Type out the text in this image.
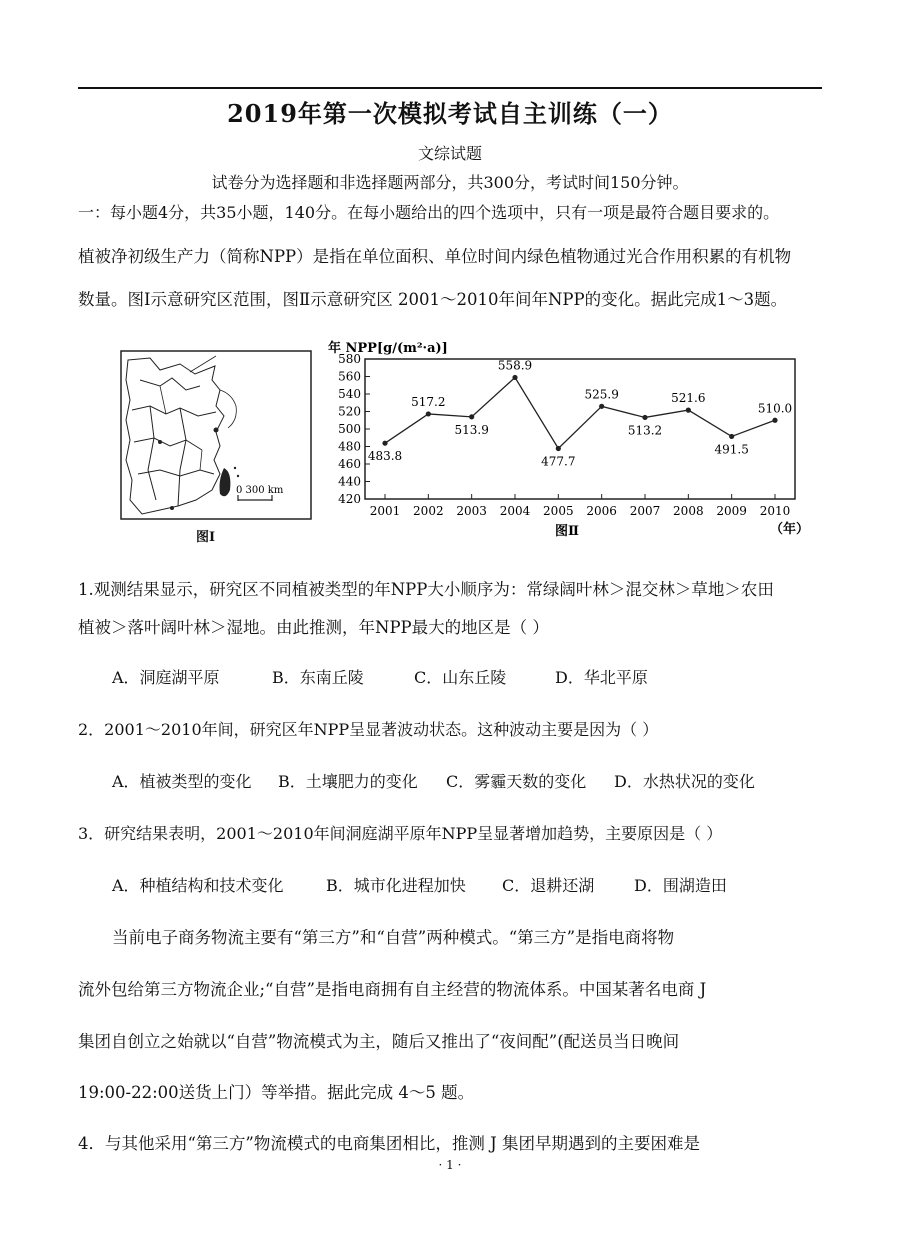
2019年第一次模拟考试自主训练（一）
文综试题
试卷分为选择题和非选择题两部分，共300分，考试时间150分钟。
一：每小题4分，共35小题，140分。在每小题给出的四个选项中，只有一项是最符合题目要求的。
植被净初级生产力（简称NPP）是指在单位面积、单位时间内绿色植物通过光合作用积累的有机物
数量。图Ⅰ示意研究区范围，图Ⅱ示意研究区 2001～2010年间年NPP的变化。据此完成1～3题。
0 300 km
图Ⅰ
年 NPP[g/(m²·a)]
580
560
540
520
500
480
460
440
420
2001 2002 2003 2004 2005 2006 2007 2008 2009 2010
483.8
517.2
513.9
558.9
477.7
525.9
513.2
521.6
491.5
510.0
图Ⅱ	（年）
1.观测结果显示，研究区不同植被类型的年NPP大小顺序为：常绿阔叶林＞混交林＞草地＞农田
植被＞落叶阔叶林＞湿地。由此推测，年NPP最大的地区是（ ）
A．洞庭湖平原	B．东南丘陵	C．山东丘陵	D．华北平原
2．2001～2010年间，研究区年NPP呈显著波动状态。这种波动主要是因为（ ）
A．植被类型的变化 B．土壤肥力的变化 C．雾霾天数的变化 D．水热状况的变化
3．研究结果表明，2001～2010年间洞庭湖平原年NPP呈显著增加趋势，主要原因是（ ）
A．种植结构和技术变化	B．城市化进程加快 C．退耕还湖 D．围湖造田
当前电子商务物流主要有“第三方”和“自营”两种模式。“第三方”是指电商将物
流外包给第三方物流企业;“自营”是指电商拥有自主经营的物流体系。中国某著名电商 J
集团自创立之始就以“自营”物流模式为主，随后又推出了“夜间配”(配送员当日晚间
19:00-22:00送货上门）等举措。据此完成 4～5 题。
4．与其他采用“第三方”物流模式的电商集团相比，推测 J 集团早期遇到的主要困难是
· 1 ·
